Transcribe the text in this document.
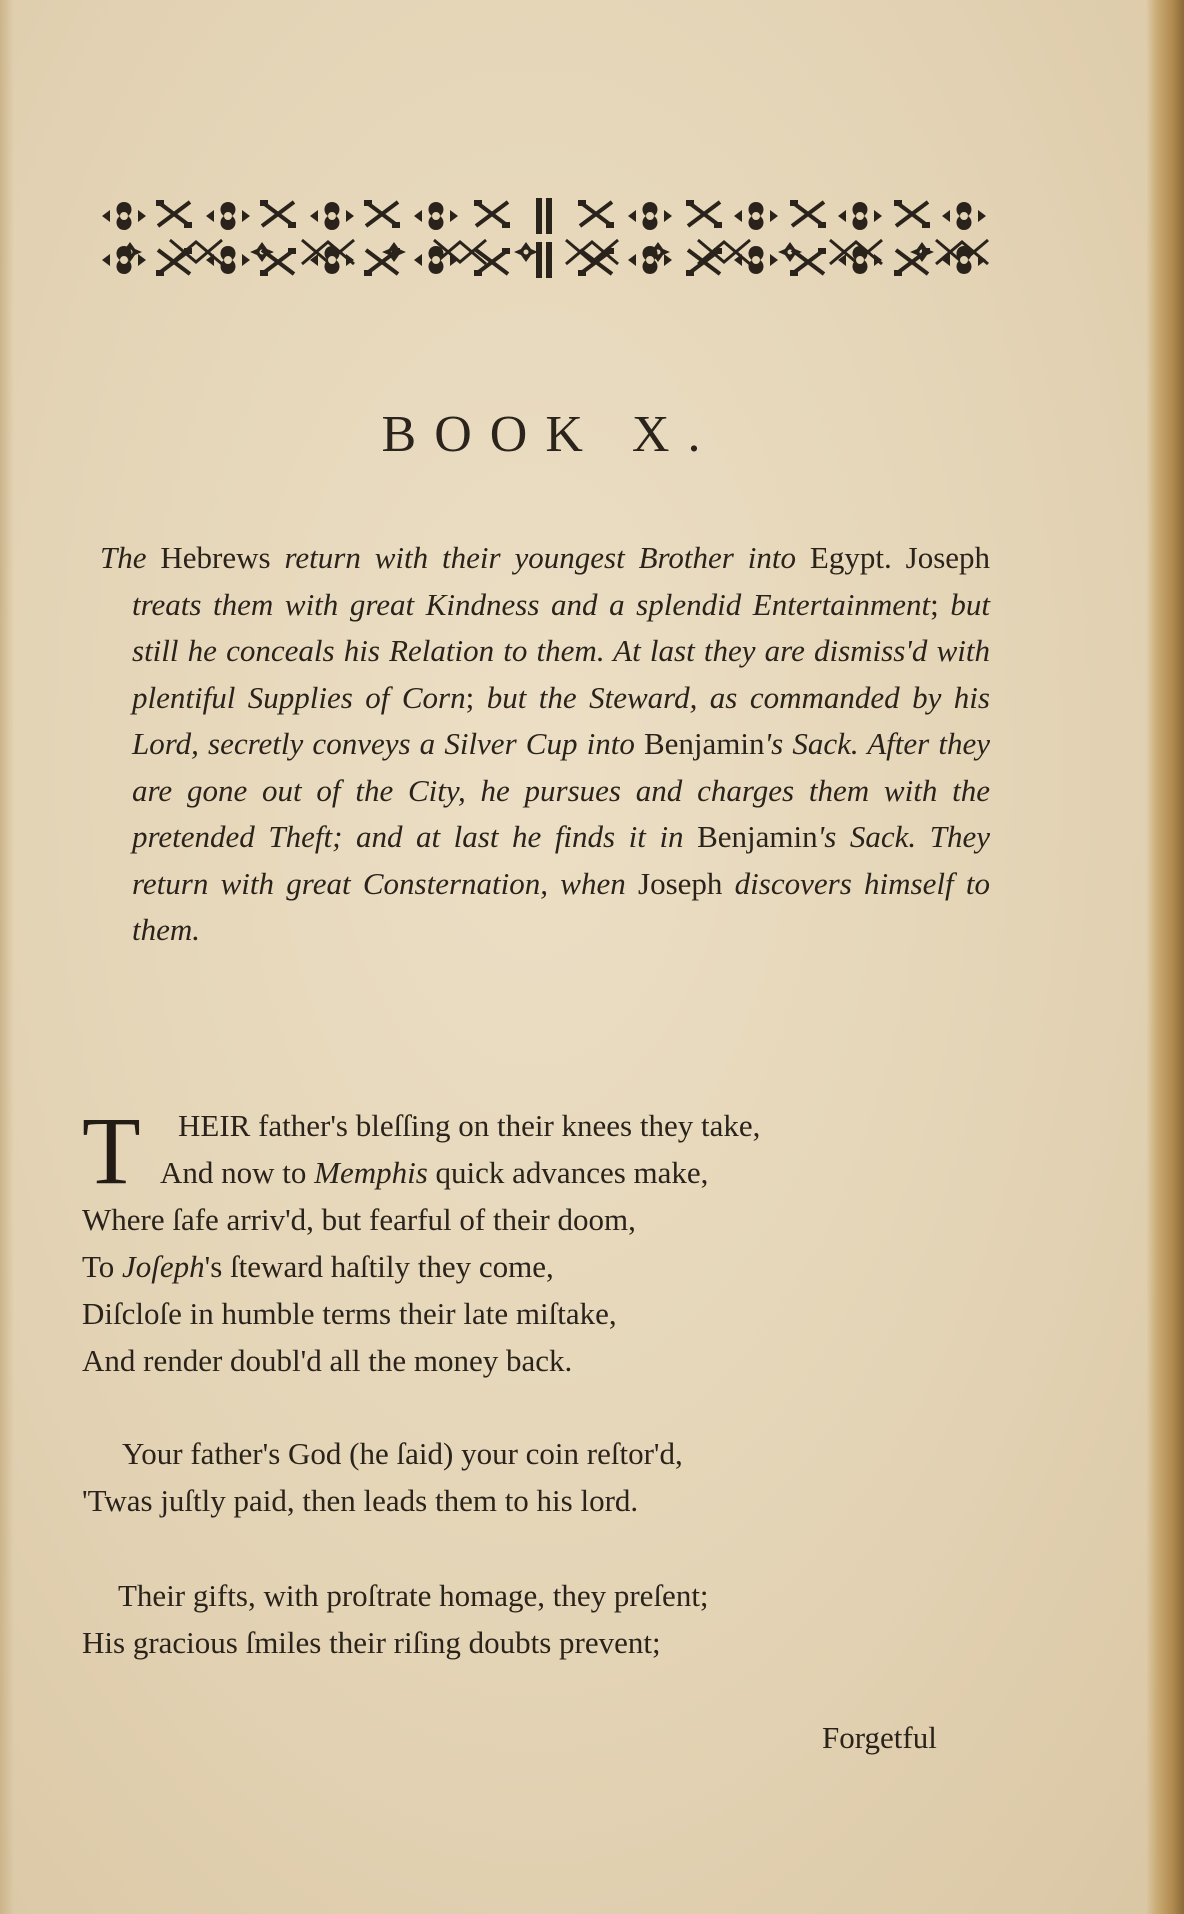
BOOK X.

The Hebrews return with their youngest Brother into Egypt. Joseph treats them with great Kindness and a splendid Entertainment; but still he conceals his Relation to them. At last they are dismiss'd with plentiful Supplies of Corn; but the Steward, as commanded by his Lord, secretly conveys a Silver Cup into Benjamin's Sack. After they are gone out of the City, he pursues and charges them with the pretended Theft; and at last he finds it in Benjamin's Sack. They return with great Consternation, when Joseph discovers himself to them.

T	HEIR father's bleſſing on their knees they take,

And now to Memphis quick advances make,

Where ſafe arriv'd, but fearful of their doom,

To Joſeph's ſteward haſtily they come,

Diſcloſe in humble terms their late miſtake,

And render doubl'd all the money back.

Your father's God (he ſaid) your coin reſtor'd,

'Twas juſtly paid, then leads them to his lord.

Their gifts, with proſtrate homage, they preſent;

His gracious ſmiles their riſing doubts prevent;

Forgetful
